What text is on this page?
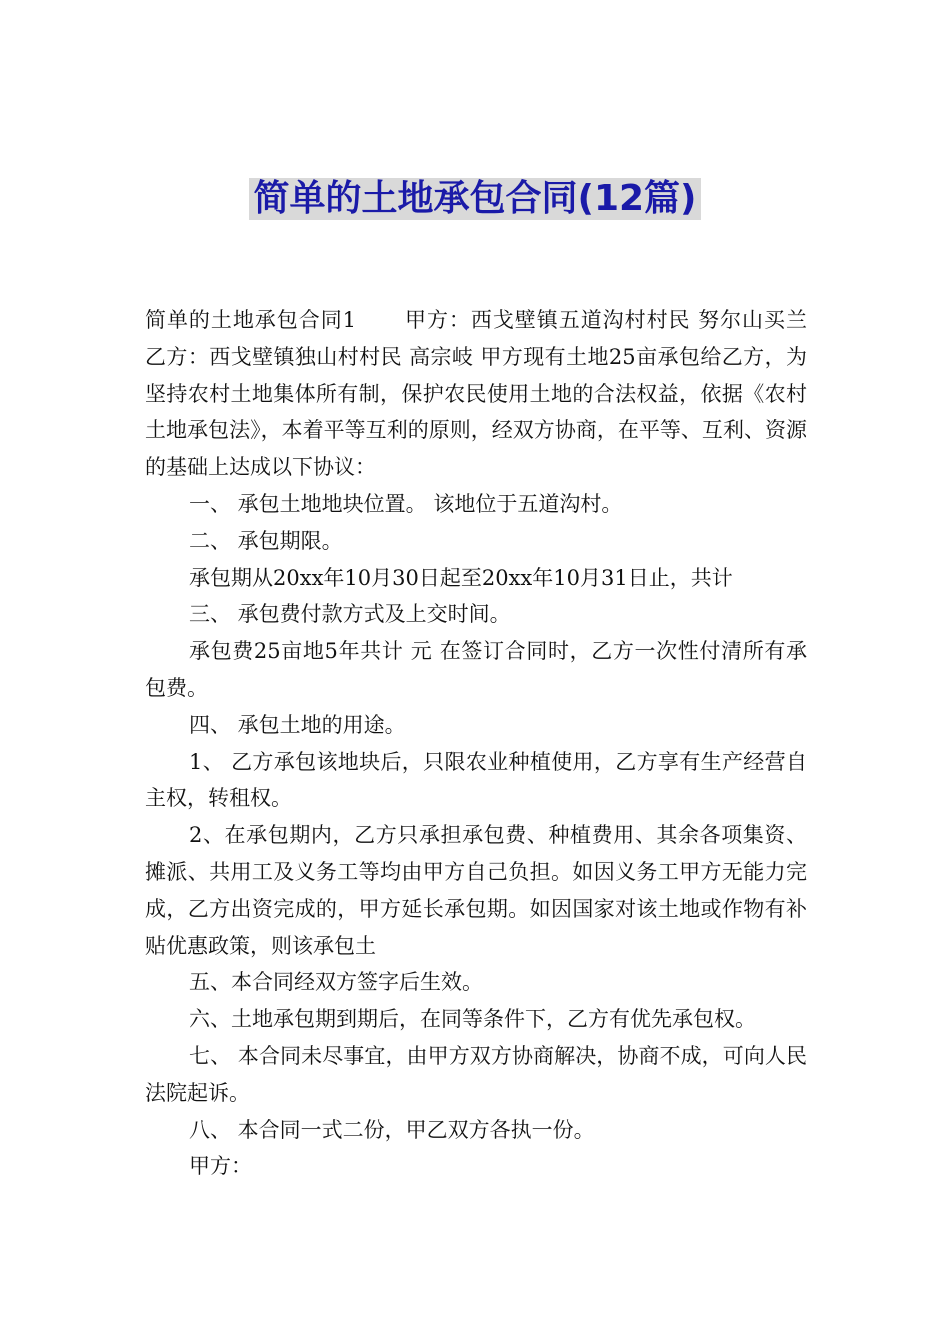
简单的土地承包合同(12篇)

简单的土地承包合同1 甲方：西戈壁镇五道沟村村民 努尔山买兰 乙方：西戈壁镇独山村村民 高宗岐 甲方现有土地25亩承包给乙方，为坚持农村土地集体所有制，保护农民使用土地的合法权益，依据《农村土地承包法》，本着平等互利的原则，经双方协商，在平等、互利、资源的基础上达成以下协议：

一、 承包土地地块位置。 该地位于五道沟村。

二、 承包期限。

承包期从20xx年10月30日起至20xx年10月31日止，共计

三、 承包费付款方式及上交时间。

承包费25亩地5年共计 元 在签订合同时，乙方一次性付清所有承包费。

四、 承包土地的用途。

1、 乙方承包该地块后，只限农业种植使用，乙方享有生产经营自主权，转租权。

2、在承包期内，乙方只承担承包费、种植费用、其余各项集资、摊派、共用工及义务工等均由甲方自己负担。如因义务工甲方无能力完成，乙方出资完成的，甲方延长承包期。如因国家对该土地或作物有补贴优惠政策，则该承包土

五、本合同经双方签字后生效。

六、土地承包期到期后，在同等条件下，乙方有优先承包权。

七、 本合同未尽事宜，由甲方双方协商解决，协商不成，可向人民法院起诉。

八、 本合同一式二份，甲乙双方各执一份。

甲方：
